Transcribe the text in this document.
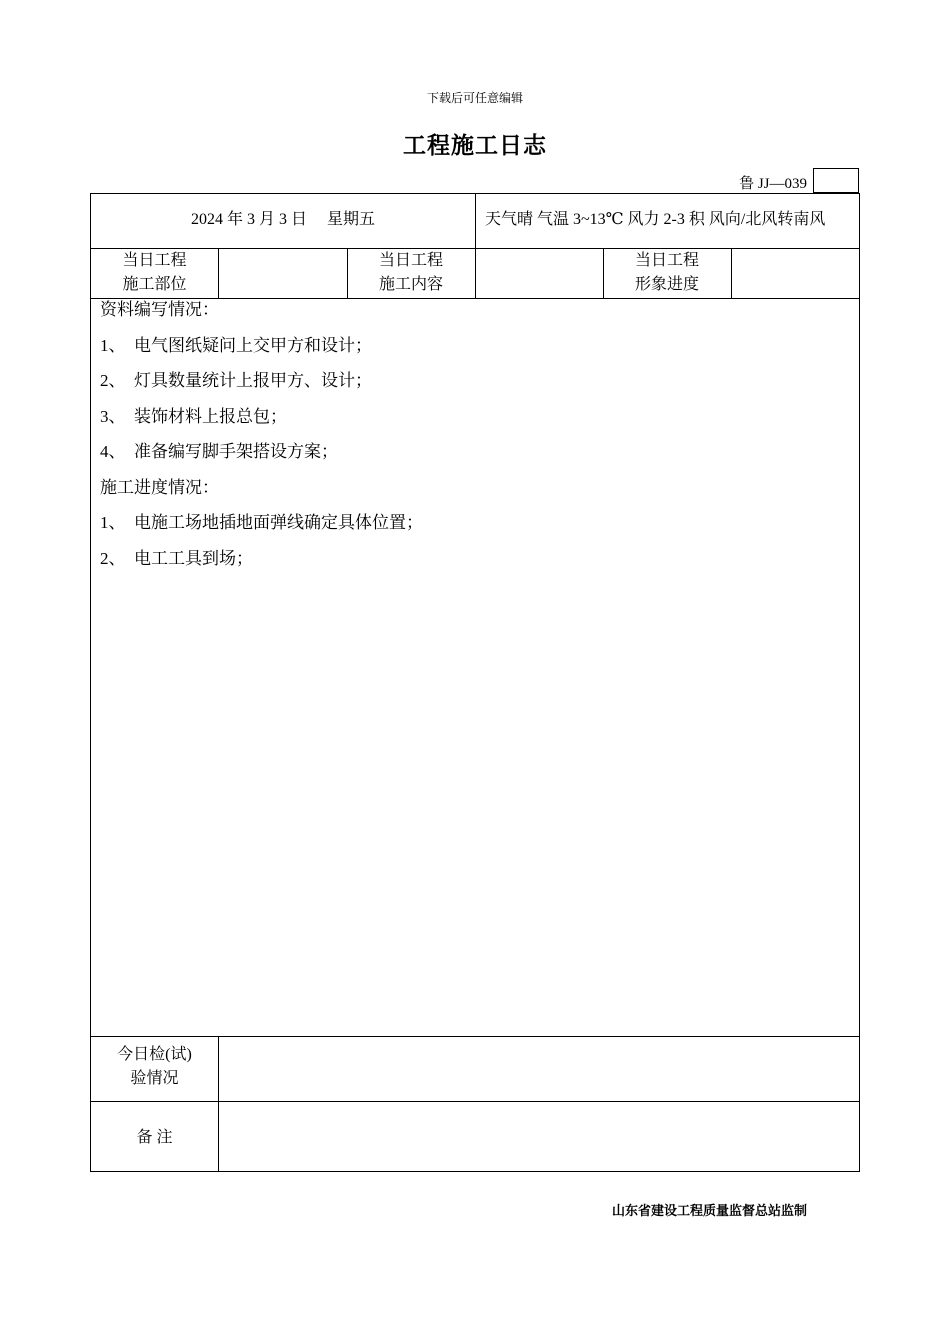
下载后可任意编辑
工程施工日志
鲁 JJ—039
2024 年 3 月 3 日　 星期五	天气晴 气温 3~13℃ 风力 2-3 积 风向/北风转南风
当日工程
施工部位
当日工程
施工内容
当日工程
形象进度
资料编写情况：
1、 电气图纸疑问上交甲方和设计；
2、 灯具数量统计上报甲方、设计；
3、 装饰材料上报总包；
4、 准备编写脚手架搭设方案；
施工进度情况：
1、 电施工场地插地面弹线确定具体位置；
2、 电工工具到场；
今日检(试)
验情况
备 注
山东省建设工程质量监督总站监制
